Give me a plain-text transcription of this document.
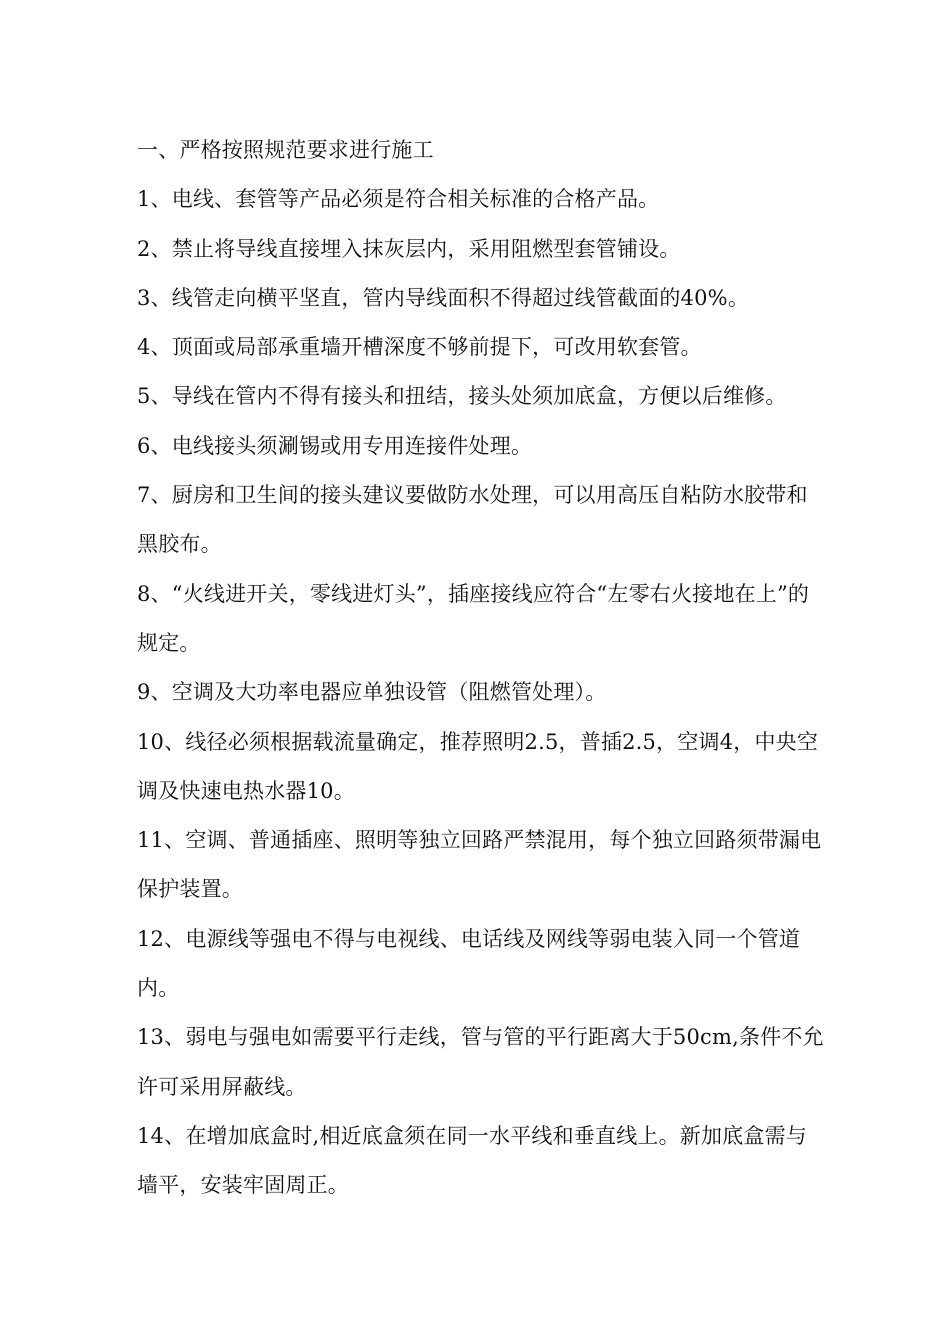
一、严格按照规范要求进行施工

1、电线、套管等产品必须是符合相关标准的合格产品。

2、禁止将导线直接埋入抹灰层内，采用阻燃型套管铺设。

3、线管走向横平坚直，管内导线面积不得超过线管截面的40%。

4、顶面或局部承重墙开槽深度不够前提下，可改用软套管。

5、导线在管内不得有接头和扭结，接头处须加底盒，方便以后维修。

6、电线接头须涮锡或用专用连接件处理。

7、厨房和卫生间的接头建议要做防水处理，可以用高压自粘防水胶带和黑胶布。

8、“火线进开关，零线进灯头”，插座接线应符合“左零右火接地在上”的规定。

9、空调及大功率电器应单独设管（阻燃管处理）。

10、线径必须根据载流量确定，推荐照明2.5，普插2.5，空调4，中央空调及快速电热水器10。

11、空调、普通插座、照明等独立回路严禁混用，每个独立回路须带漏电保护装置。

12、电源线等强电不得与电视线、电话线及网线等弱电装入同一个管道内。

13、弱电与强电如需要平行走线，管与管的平行距离大于50cm,条件不允许可采用屏蔽线。

14、在增加底盒时,相近底盒须在同一水平线和垂直线上。新加底盒需与墙平，安装牢固周正。
